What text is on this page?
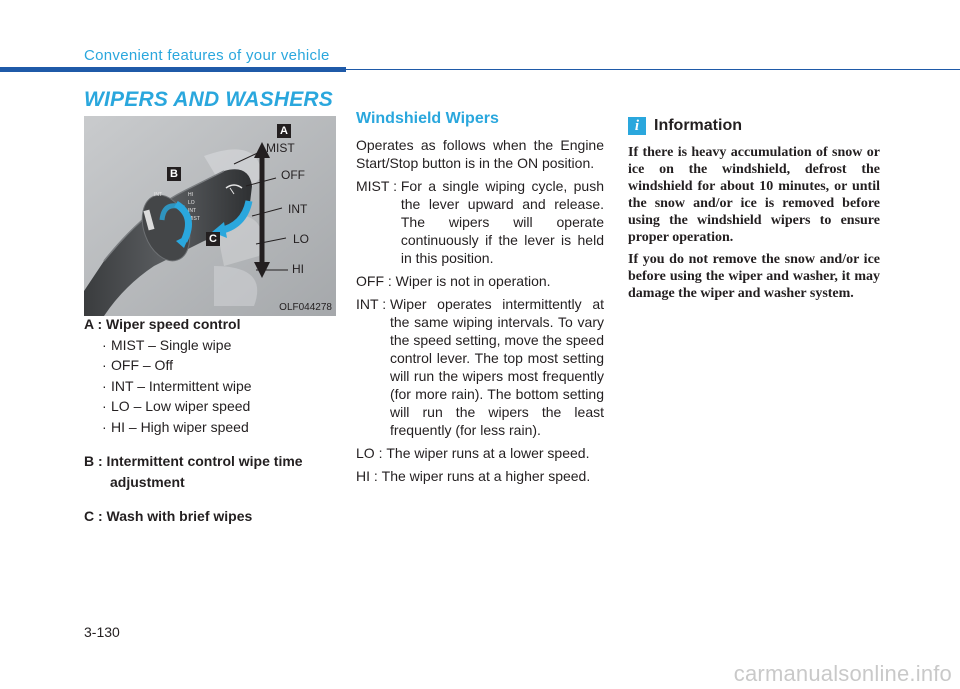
Convenient features of your vehicle
WIPERS AND WASHERS
INT	HI
LO
INT
MIST
A
B
C
MIST
OFF
INT
LO
HI
OLF044278
A : Wiper speed control
· MIST – Single wipe
· OFF – Off
· INT – Intermittent wipe
· LO – Low wiper speed
· HI – High wiper speed
B : Intermittent control wipe time
adjustment
C : Wash with brief wipes
Windshield Wipers

Operates as follows when the Engine Start/Stop button is in the ON position.

MIST : For a single wiping cycle, push the lever upward and release. The wipers will operate continuously if the lever is held in this position.
OFF : Wiper is not in operation.
INT : Wiper operates intermittently at the same wiping intervals. To vary the speed setting, move the speed control lever. The top most setting will run the wipers most frequently (for more rain). The bottom setting will run the wipers the least frequently (for less rain).
LO : The wiper runs at a lower speed.
HI : The wiper runs at a higher speed.
i Information

If there is heavy accumulation of snow or ice on the windshield, defrost the windshield for about 10 minutes, or until the snow and/or ice is removed before using the windshield wipers to ensure proper operation.

If you do not remove the snow and/or ice before using the wiper and washer, it may damage the wiper and washer system.

3-130
carmanualsonline.info
